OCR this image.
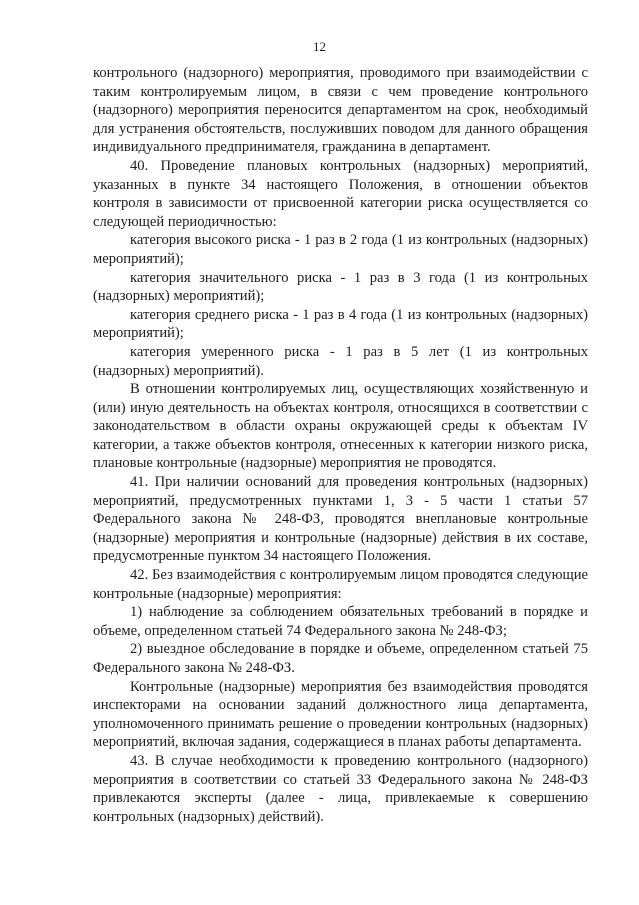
12

контрольного (надзорного) мероприятия, проводимого при взаимодействии с таким контролируемым лицом, в связи с чем проведение контрольного (надзорного) мероприятия переносится департаментом на срок, необходимый для устранения обстоятельств, послуживших поводом для данного обращения индивидуального предпринимателя, гражданина в департамент.

40. Проведение плановых контрольных (надзорных) мероприятий, указанных в пункте 34 настоящего Положения, в отношении объектов контроля в зависимости от присвоенной категории риска осуществляется со следующей периодичностью:

категория высокого риска - 1 раз в 2 года (1 из контрольных (надзорных) мероприятий);

категория значительного риска - 1 раз в 3 года (1 из контрольных (надзорных) мероприятий);

категория среднего риска - 1 раз в 4 года (1 из контрольных (надзорных) мероприятий);

категория умеренного риска - 1 раз в 5 лет (1 из контрольных (надзорных) мероприятий).

В отношении контролируемых лиц, осуществляющих хозяйственную и (или) иную деятельность на объектах контроля, относящихся в соответствии с законодательством в области охраны окружающей среды к объектам IV категории, а также объектов контроля, отнесенных к категории низкого риска, плановые контрольные (надзорные) мероприятия не проводятся.

41. При наличии оснований для проведения контрольных (надзорных) мероприятий, предусмотренных пунктами 1, 3 - 5 части 1 статьи 57 Федерального закона № 248-ФЗ, проводятся внеплановые контрольные (надзорные) мероприятия и контрольные (надзорные) действия в их составе, предусмотренные пунктом 34 настоящего Положения.

42. Без взаимодействия с контролируемым лицом проводятся следующие контрольные (надзорные) мероприятия:

1) наблюдение за соблюдением обязательных требований в порядке и объеме, определенном статьей 74 Федерального закона № 248-ФЗ;

2) выездное обследование в порядке и объеме, определенном статьей 75 Федерального закона № 248-ФЗ.

Контрольные (надзорные) мероприятия без взаимодействия проводятся инспекторами на основании заданий должностного лица департамента, уполномоченного принимать решение о проведении контрольных (надзорных) мероприятий, включая задания, содержащиеся в планах работы департамента.

43. В случае необходимости к проведению контрольного (надзорного) мероприятия в соответствии со статьей 33 Федерального закона № 248-ФЗ привлекаются эксперты (далее - лица, привлекаемые к совершению контрольных (надзорных) действий).
